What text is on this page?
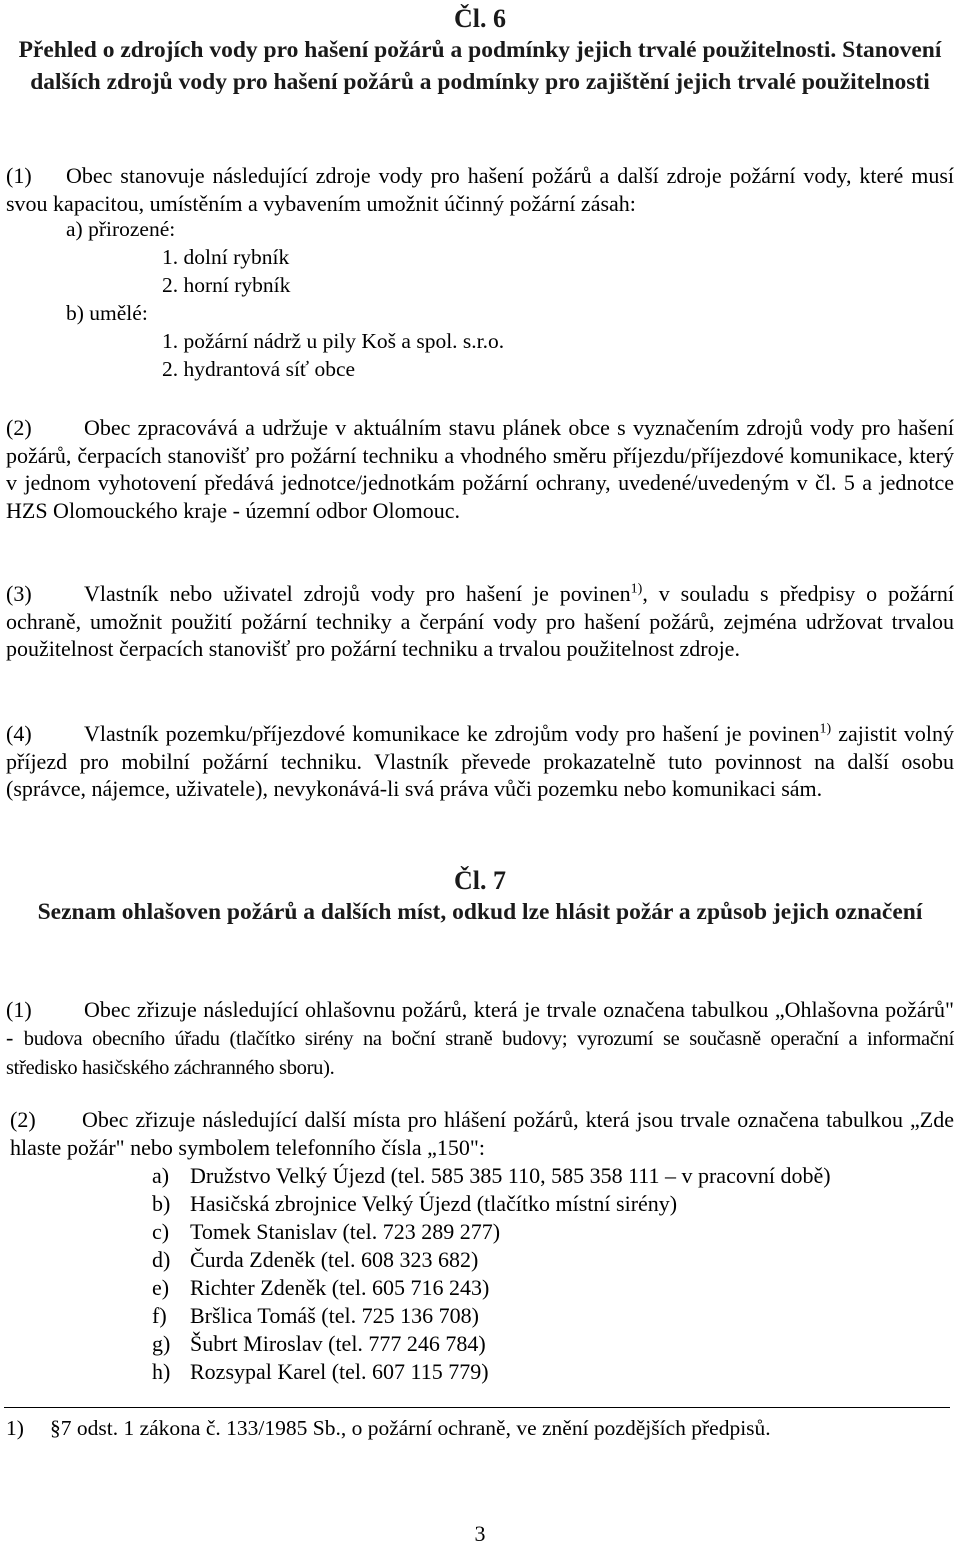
Čl. 6

Přehled o zdrojích vody pro hašení požárů a podmínky jejich trvalé použitelnosti. Stanovení dalších zdrojů vody pro hašení požárů a podmínky pro zajištění jejich trvalé použitelnosti

(1) Obec stanovuje následující zdroje vody pro hašení požárů a další zdroje požární vody, které musí svou kapacitou, umístěním a vybavením umožnit účinný požární zásah:

a) přirozené:
1. dolní rybník
2. horní rybník
b) umělé:
1. požární nádrž u pily Koš a spol. s.r.o.
2. hydrantová síť obce

(2) Obec zpracovává a udržuje v aktuálním stavu plánek obce s vyznačením zdrojů vody pro hašení požárů, čerpacích stanovišť pro požární techniku a vhodného směru příjezdu/příjezdové komunikace, který v jednom vyhotovení předává jednotce/jednotkám požární ochrany, uvedené/uvedeným v čl. 5 a jednotce HZS Olomouckého kraje - územní odbor Olomouc.

(3) Vlastník nebo uživatel zdrojů vody pro hašení je povinen$^{1)}$, v souladu s předpisy o požární ochraně, umožnit použití požární techniky a čerpání vody pro hašení požárů, zejména udržovat trvalou použitelnost čerpacích stanovišť pro požární techniku a trvalou použitelnost zdroje.

(4) Vlastník pozemku/příjezdové komunikace ke zdrojům vody pro hašení je povinen$^{1)}$ zajistit volný příjezd pro mobilní požární techniku. Vlastník převede prokazatelně tuto povinnost na další osobu (správce, nájemce, uživatele), nevykonává-li svá práva vůči pozemku nebo komunikaci sám.

Čl. 7

Seznam ohlašoven požárů a dalších míst, odkud lze hlásit požár a způsob jejich označení

(1) Obec zřizuje následující ohlašovnu požárů, která je trvale označena tabulkou „Ohlašovna požárů" - budova obecního úřadu (tlačítko sirény na boční straně budovy; vyrozumí se současně operační a informační středisko hasičského záchranného sboru).

(2) Obec zřizuje následující další místa pro hlášení požárů, která jsou trvale označena tabulkou „Zde hlaste požár" nebo symbolem telefonního čísla „150":

a) Družstvo Velký Újezd (tel. 585 385 110, 585 358 111 – v pracovní době)
b) Hasičská zbrojnice Velký Újezd (tlačítko místní sirény)
c) Tomek Stanislav (tel. 723 289 277)
d) Čurda Zdeněk (tel. 608 323 682)
e) Richter Zdeněk (tel. 605 716 243)
f) Bršlica Tomáš (tel. 725 136 708)
g) Šubrt Miroslav (tel. 777 246 784)
h) Rozsypal Karel (tel. 607 115 779)
1) §7 odst. 1 zákona č. 133/1985 Sb., o požární ochraně, ve znění pozdějších předpisů.
3
